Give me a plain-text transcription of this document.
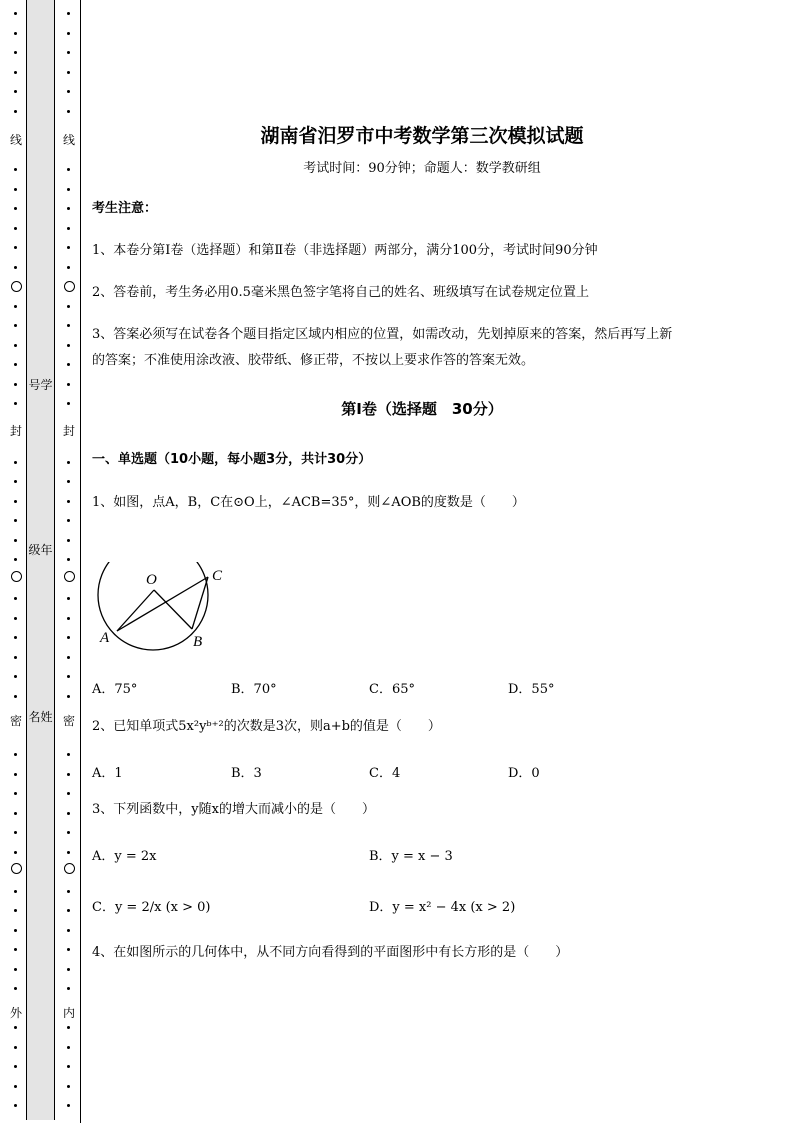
线
封
密
外
号学
级年
名姓
线
封
密
内
湖南省汨罗市中考数学第三次模拟试题
考试时间：90分钟；命题人：数学教研组
考生注意：
1、本卷分第I卷（选择题）和第Ⅱ卷（非选择题）两部分，满分100分，考试时间90分钟
2、答卷前，考生务必用0.5毫米黑色签字笔将自己的姓名、班级填写在试卷规定位置上
3、答案必须写在试卷各个题目指定区域内相应的位置，如需改动，先划掉原来的答案，然后再写上新
的答案；不准使用涂改液、胶带纸、修正带，不按以上要求作答的答案无效。
第I卷（选择题　30分）
一、单选题（10小题，每小题3分，共计30分）
1、如图，点A，B，C在⊙O上，∠ACB=35°，则∠AOB的度数是（　　）
A．75°	B．70°	C．65°	D．55°
2、已知单项式5x²yᵇ⁺²的次数是3次，则a+b的值是（　　）
A．1	B．3	C．4	D．0
3、下列函数中，y随x的增大而减小的是（　　）
A．y = 2x	B．y = x − 3
C．y = 2/x (x > 0)	D．y = x² − 4x (x > 2)
4、在如图所示的几何体中，从不同方向看得到的平面图形中有长方形的是（　　）
O
A	B
C
